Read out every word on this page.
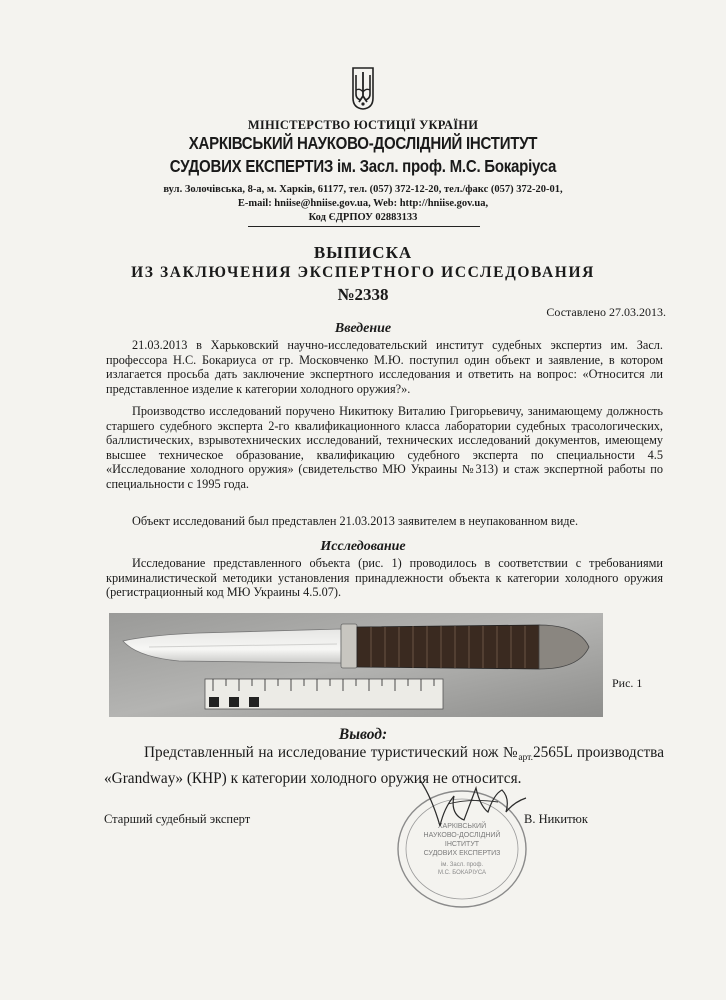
МІНІСТЕРСТВО ЮСТИЦІЇ УКРАЇНИ
ХАРКІВСЬКИЙ НАУКОВО-ДОСЛІДНИЙ ІНСТИТУТ
СУДОВИХ ЕКСПЕРТИЗ ім. Засл. проф. М.С. Бокаріуса
вул. Золочівська, 8-а, м. Харків, 61177, тел. (057) 372-12-20, тел./факс (057) 372-20-01,
E-mail: hniise@hniise.gov.ua, Web: http://hniise.gov.ua,
Код ЄДРПОУ 02883133
ВЫПИСКА
ИЗ ЗАКЛЮЧЕНИЯ ЭКСПЕРТНОГО ИССЛЕДОВАНИЯ
№2338
Составлено 27.03.2013.
Введение
21.03.2013 в Харьковский научно-исследовательский институт судебных экспертиз им. Засл. профессора Н.С. Бокариуса от гр. Московченко М.Ю. поступил один объект и заявление, в котором излагается просьба дать заключение экспертного исследования и ответить на вопрос: «Относится ли представленное изделие к категории холодного оружия?».
Производство исследований поручено Никитюку Виталию Григорьевичу, занимающему должность старшего судебного эксперта 2-го квалификационного класса лаборатории судебных трасологических, баллистических, взрывотехнических исследований, технических исследований документов, имеющему высшее техническое образование, квалификацию судебного эксперта по специальности 4.5 «Исследование холодного оружия» (свидетельство МЮ Украины №313) и стаж экспертной работы по специальности с 1995 года.
Объект исследований был представлен 21.03.2013 заявителем в неупакованном виде.
Исследование
Исследование представленного объекта (рис. 1) проводилось в соответствии с требованиями криминалистической методики установления принадлежности объекта к категории холодного оружия (регистрационный код МЮ Украины 4.5.07).
Рис. 1
Вывод:
Представленный на исследование туристический нож №арт.2565L производства «Grandway» (КНР) к категории холодного оружия не относится.
ХАРКІВСЬКИЙ
НАУКОВО-ДОСЛІДНИЙ
ІНСТИТУТ
СУДОВИХ ЕКСПЕРТИЗ
ім. Засл. проф.
М.С. БОКАРІУСА
Старший судебный эксперт	В. Никитюк
